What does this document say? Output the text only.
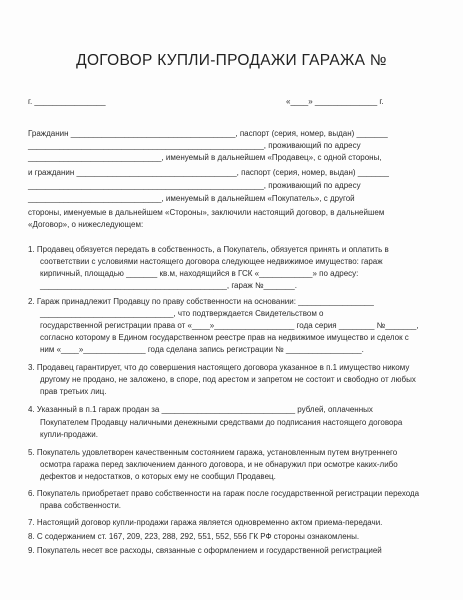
ДОГОВОР КУПЛИ-ПРОДАЖИ ГАРАЖА №
г. ________________	«____» ______________ г.
Гражданин _____________________________________, паспорт (серия, номер, выдан) _______
_____________________________________________________, проживающий по адресу
______________________________, именуемый в дальнейшем «Продавец», с одной стороны,
и гражданин ____________________________________, паспорт (серия, номер, выдан) _______
_____________________________________________________, проживающий по адресу
______________________________, именуемый в дальнейшем «Покупатель», с другой
стороны, именуемые в дальнейшем «Стороны», заключили настоящий договор, в дальнейшем
«Договор», о нижеследующем:
1. Продавец обязуется передать в собственность, а Покупатель, обязуется принять и оплатить в
соответствии с условиями настоящего договора следующее недвижимое имущество: гараж
кирпичный, площадью _______ кв.м, находящийся в ГСК «____________» по адресу:
__________________________________________, гараж №_______.
2. Гараж принадлежит Продавцу по праву собственности на основании: _________________
______________________________, что подтверждается Свидетельством о
государственной регистрации права от «____»__________________ года серия ________ №_______,
согласно которому в Едином государственном реестре прав на недвижимое имущество и сделок с
ним «____»______________ года сделана запись регистрации № _________________.
3. Продавец гарантирует, что до совершения настоящего договора указанное в п.1 имущество никому
другому не продано, не заложено, в споре, под арестом и запретом не состоит и свободно от любых
прав третьих лиц.
4. Указанный в п.1 гараж продан за ______________________________ рублей, оплаченных
Покупателем Продавцу наличными денежными средствами до подписания настоящего договора
купли-продажи.
5. Покупатель удовлетворен качественным состоянием гаража, установленным путем внутреннего
осмотра гаража перед заключением данного договора, и не обнаружил при осмотре каких-либо
дефектов и недостатков, о которых ему не сообщил Продавец.
6. Покупатель приобретает право собственности на гараж после государственной регистрации перехода
права собственности.
7. Настоящий договор купли-продажи гаража является одновременно актом приема-передачи.
8. С содержанием ст. 167, 209, 223, 288, 292, 551, 552, 556 ГК РФ стороны ознакомлены.
9. Покупатель несет все расходы, связанные с оформлением и государственной регистрацией
